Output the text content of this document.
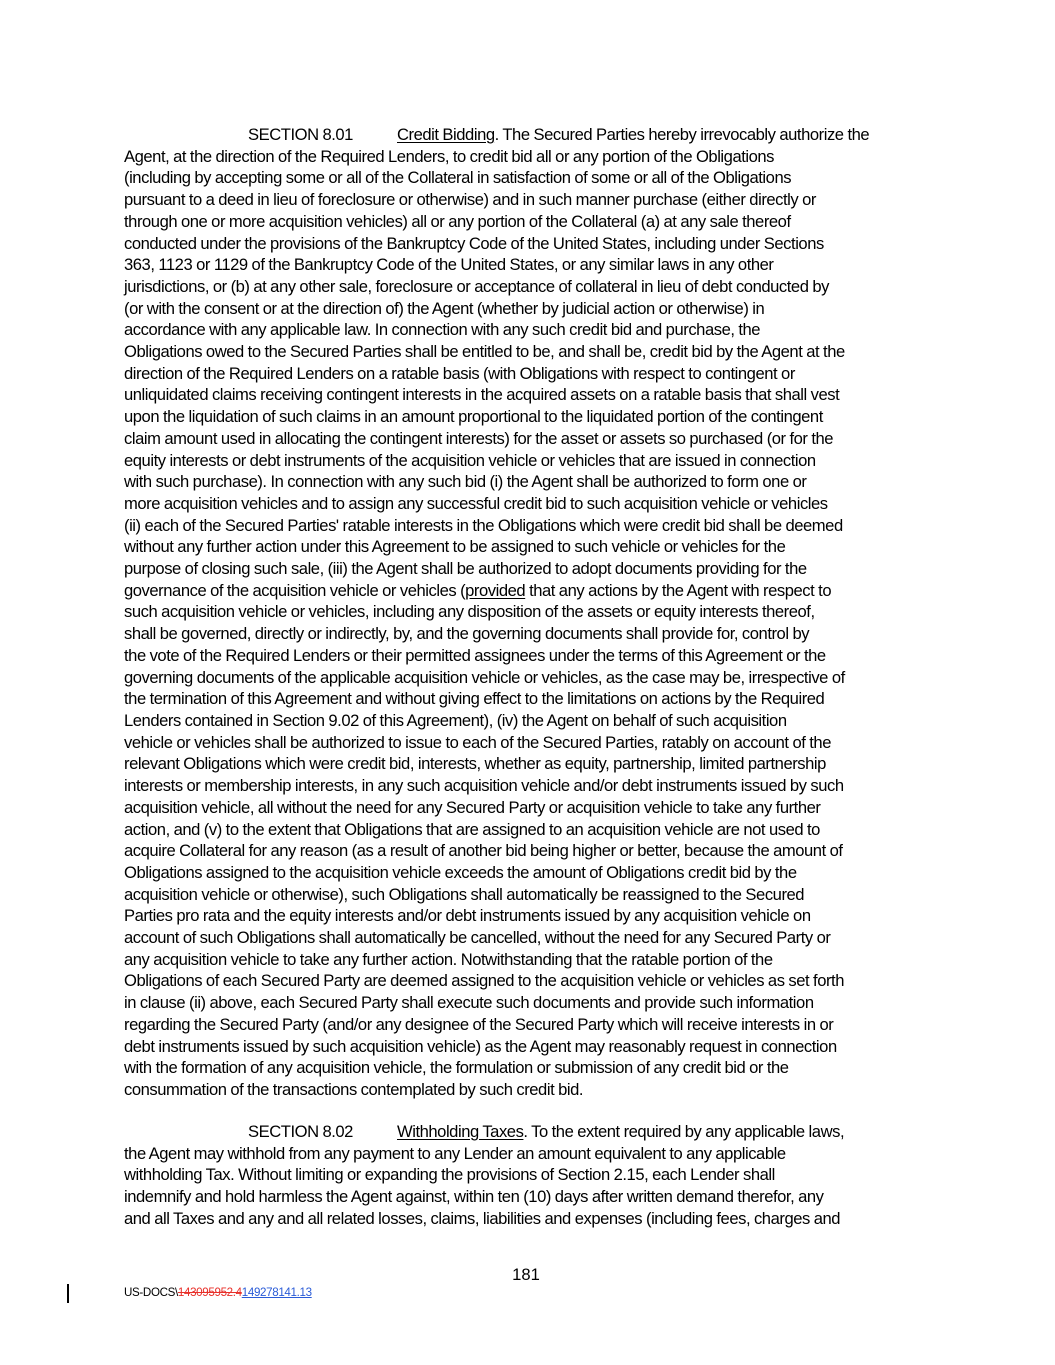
SECTION 8.01	Credit Bidding. The Secured Parties hereby irrevocably authorize the
Agent, at the direction of the Required Lenders, to credit bid all or any portion of the Obligations
(including by accepting some or all of the Collateral in satisfaction of some or all of the Obligations
pursuant to a deed in lieu of foreclosure or otherwise) and in such manner purchase (either directly or
through one or more acquisition vehicles) all or any portion of the Collateral (a) at any sale thereof
conducted under the provisions of the Bankruptcy Code of the United States, including under Sections
363, 1123 or 1129 of the Bankruptcy Code of the United States, or any similar laws in any other
jurisdictions, or (b) at any other sale, foreclosure or acceptance of collateral in lieu of debt conducted by
(or with the consent or at the direction of) the Agent (whether by judicial action or otherwise) in
accordance with any applicable law. In connection with any such credit bid and purchase, the
Obligations owed to the Secured Parties shall be entitled to be, and shall be, credit bid by the Agent at the
direction of the Required Lenders on a ratable basis (with Obligations with respect to contingent or
unliquidated claims receiving contingent interests in the acquired assets on a ratable basis that shall vest
upon the liquidation of such claims in an amount proportional to the liquidated portion of the contingent
claim amount used in allocating the contingent interests) for the asset or assets so purchased (or for the
equity interests or debt instruments of the acquisition vehicle or vehicles that are issued in connection
with such purchase). In connection with any such bid (i) the Agent shall be authorized to form one or
more acquisition vehicles and to assign any successful credit bid to such acquisition vehicle or vehicles
(ii) each of the Secured Parties' ratable interests in the Obligations which were credit bid shall be deemed
without any further action under this Agreement to be assigned to such vehicle or vehicles for the
purpose of closing such sale, (iii) the Agent shall be authorized to adopt documents providing for the
governance of the acquisition vehicle or vehicles (provided that any actions by the Agent with respect to
such acquisition vehicle or vehicles, including any disposition of the assets or equity interests thereof,
shall be governed, directly or indirectly, by, and the governing documents shall provide for, control by
the vote of the Required Lenders or their permitted assignees under the terms of this Agreement or the
governing documents of the applicable acquisition vehicle or vehicles, as the case may be, irrespective of
the termination of this Agreement and without giving effect to the limitations on actions by the Required
Lenders contained in Section 9.02 of this Agreement), (iv) the Agent on behalf of such acquisition
vehicle or vehicles shall be authorized to issue to each of the Secured Parties, ratably on account of the
relevant Obligations which were credit bid, interests, whether as equity, partnership, limited partnership
interests or membership interests, in any such acquisition vehicle and/or debt instruments issued by such
acquisition vehicle, all without the need for any Secured Party or acquisition vehicle to take any further
action, and (v) to the extent that Obligations that are assigned to an acquisition vehicle are not used to
acquire Collateral for any reason (as a result of another bid being higher or better, because the amount of
Obligations assigned to the acquisition vehicle exceeds the amount of Obligations credit bid by the
acquisition vehicle or otherwise), such Obligations shall automatically be reassigned to the Secured
Parties pro rata and the equity interests and/or debt instruments issued by any acquisition vehicle on
account of such Obligations shall automatically be cancelled, without the need for any Secured Party or
any acquisition vehicle to take any further action. Notwithstanding that the ratable portion of the
Obligations of each Secured Party are deemed assigned to the acquisition vehicle or vehicles as set forth
in clause (ii) above, each Secured Party shall execute such documents and provide such information
regarding the Secured Party (and/or any designee of the Secured Party which will receive interests in or
debt instruments issued by such acquisition vehicle) as the Agent may reasonably request in connection
with the formation of any acquisition vehicle, the formulation or submission of any credit bid or the
consummation of the transactions contemplated by such credit bid.
SECTION 8.02	Withholding Taxes. To the extent required by any applicable laws,
the Agent may withhold from any payment to any Lender an amount equivalent to any applicable
withholding Tax. Without limiting or expanding the provisions of Section 2.15, each Lender shall
indemnify and hold harmless the Agent against, within ten (10) days after written demand therefor, any
and all Taxes and any and all related losses, claims, liabilities and expenses (including fees, charges and
181
US-DOCS\143095952.4149278141.13
